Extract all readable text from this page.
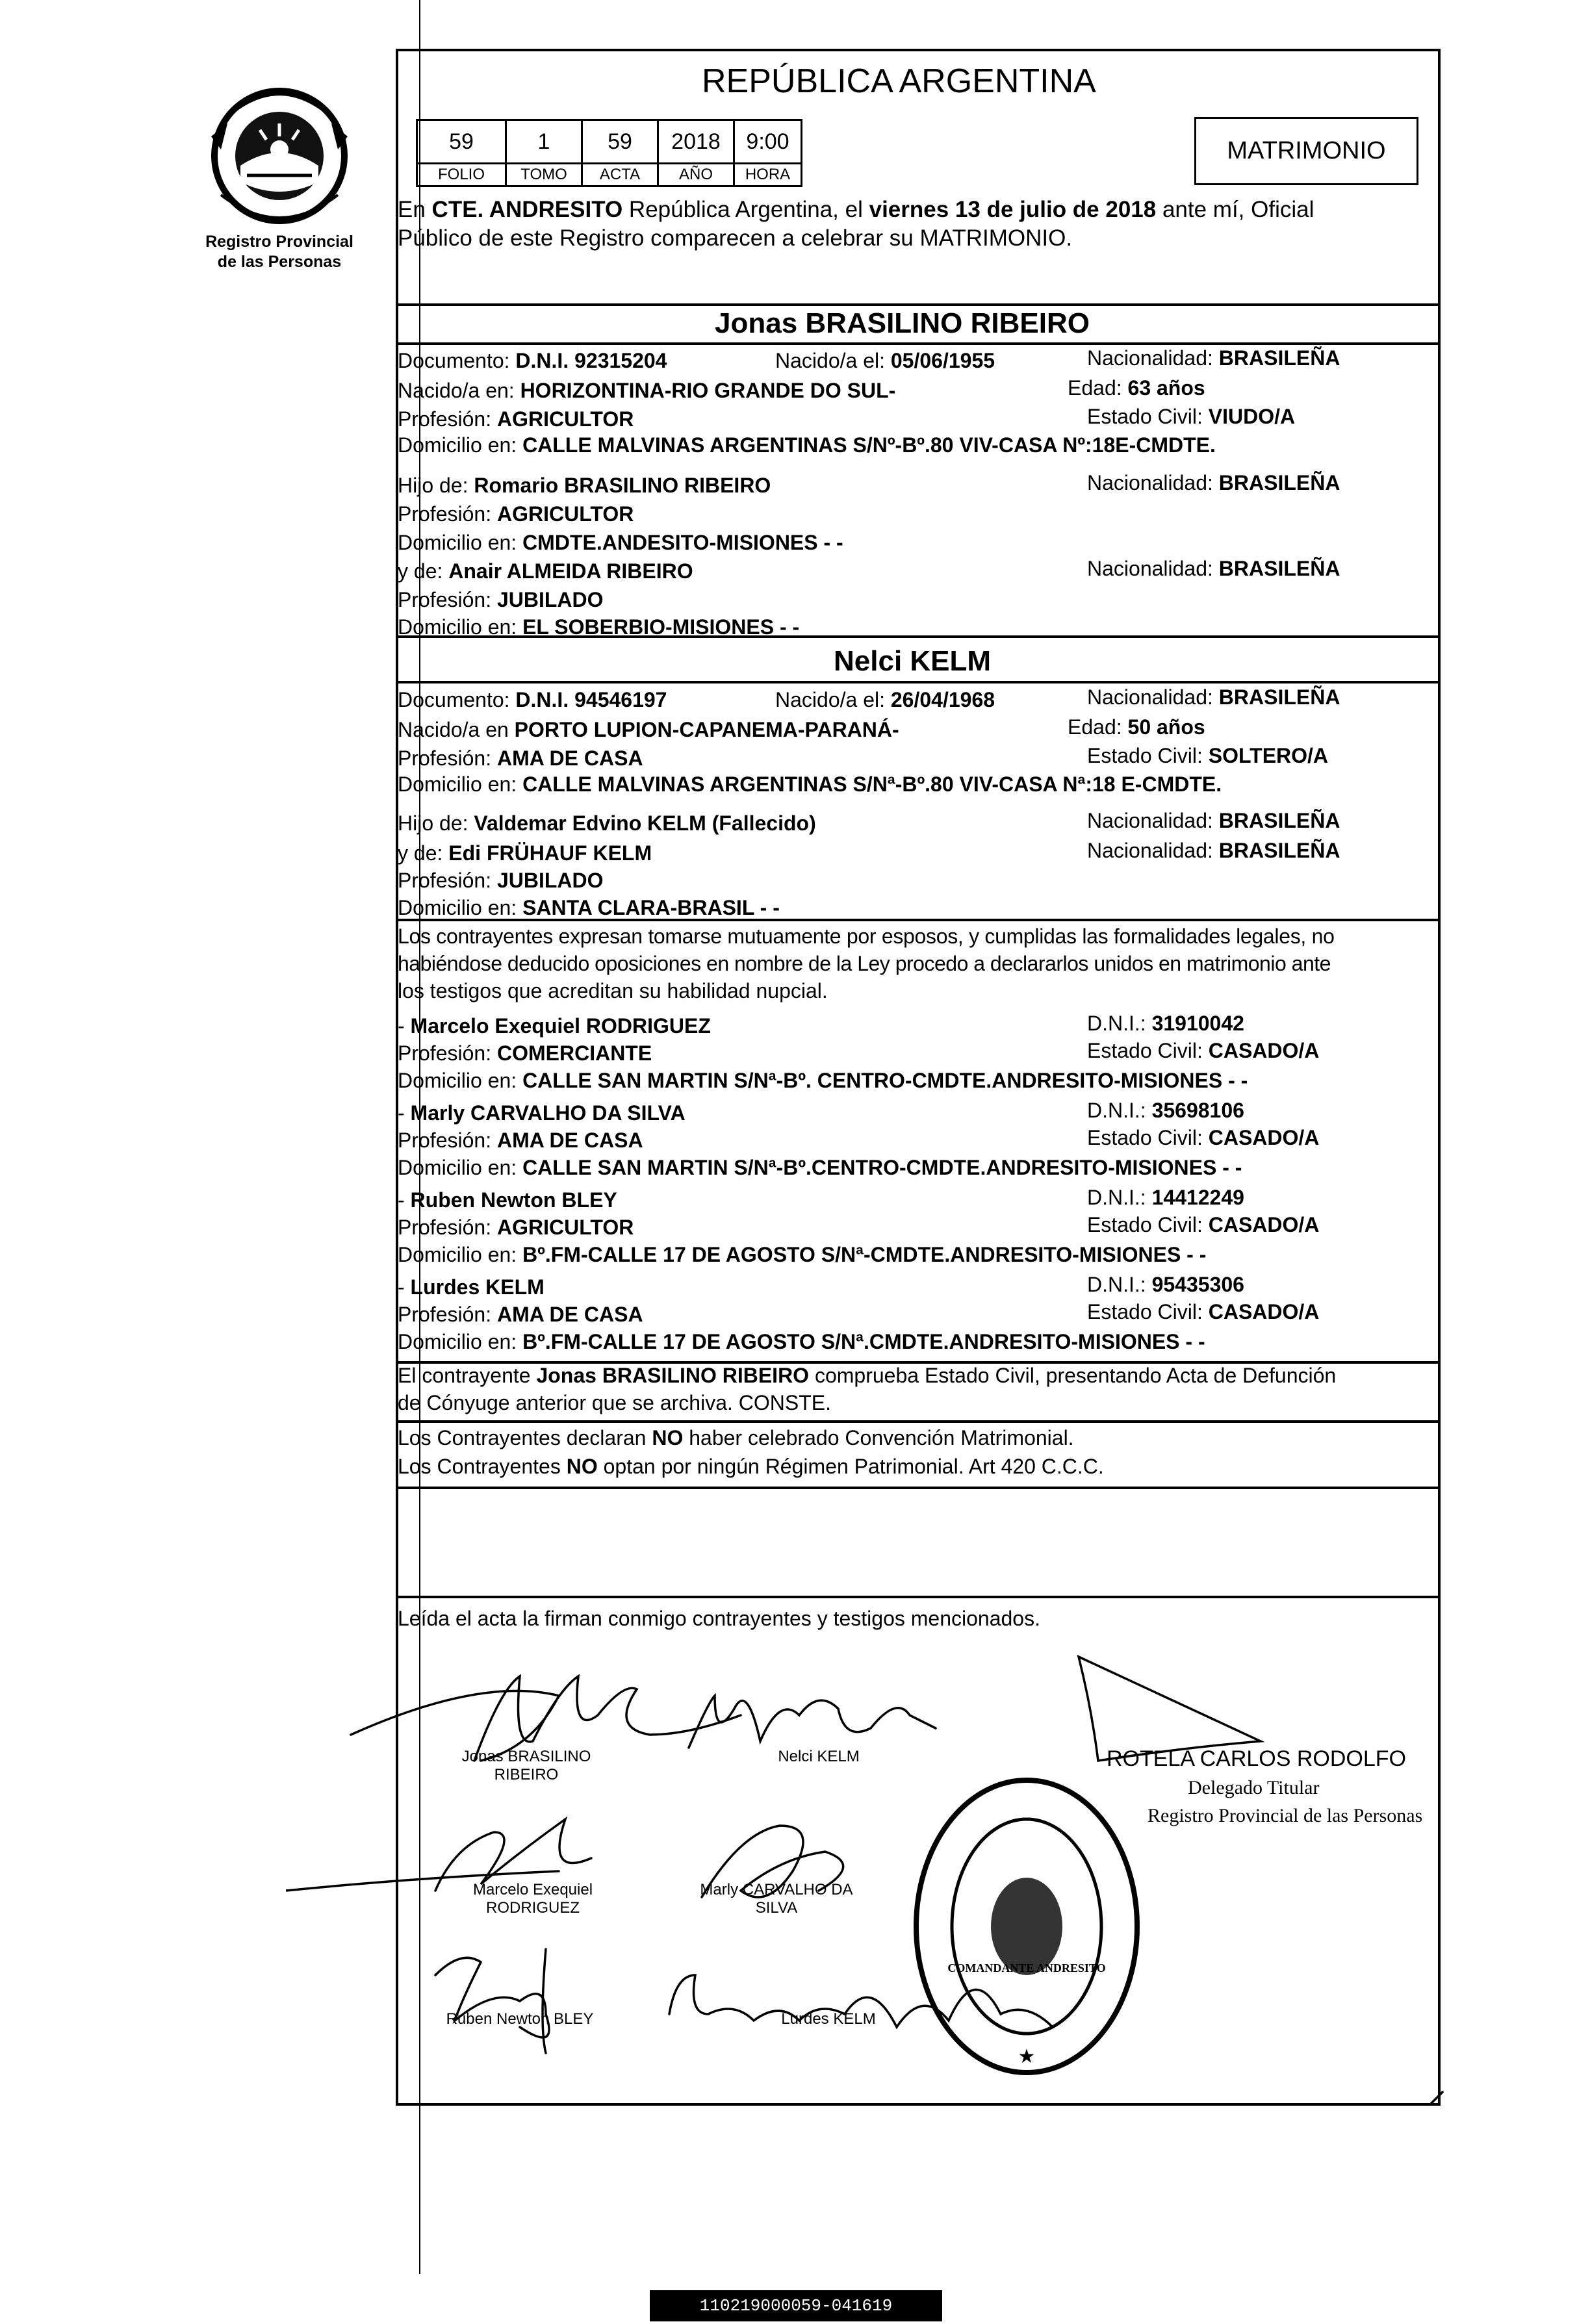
Registro Provincial
de las Personas
REPÚBLICA ARGENTINA
MATRIMONIO
59	1	59	2018	9:00
FOLIO	TOMO	ACTA	AÑO	HORA
En CTE. ANDRESITO República Argentina, el viernes 13 de julio de 2018 ante mí, Oficial
Público de este Registro comparecen a celebrar su MATRIMONIO.
Jonas BRASILINO RIBEIRO
Documento: D.N.I. 92315204	Nacido/a el: 05/06/1955	Nacionalidad: BRASILEÑA
Nacido/a en: HORIZONTINA-RIO GRANDE DO SUL-	Edad: 63 años
Profesión: AGRICULTOR	Estado Civil: VIUDO/A
Domicilio en: CALLE MALVINAS ARGENTINAS S/Nº-Bº.80 VIV-CASA Nº:18E-CMDTE.
Hijo de: Romario BRASILINO RIBEIRO	Nacionalidad: BRASILEÑA
Profesión: AGRICULTOR
Domicilio en: CMDTE.ANDESITO-MISIONES - -
y de: Anair ALMEIDA RIBEIRO	Nacionalidad: BRASILEÑA
Profesión: JUBILADO
Domicilio en: EL SOBERBIO-MISIONES - -
Nelci KELM
Documento: D.N.I. 94546197	Nacido/a el: 26/04/1968	Nacionalidad: BRASILEÑA
Nacido/a en PORTO LUPION-CAPANEMA-PARANÁ-	Edad: 50 años
Profesión: AMA DE CASA	Estado Civil: SOLTERO/A
Domicilio en: CALLE MALVINAS ARGENTINAS S/Nª-Bº.80 VIV-CASA Nª:18 E-CMDTE.
Hijo de: Valdemar Edvino KELM (Fallecido)	Nacionalidad: BRASILEÑA
y de: Edi FRÜHAUF KELM	Nacionalidad: BRASILEÑA
Profesión: JUBILADO
Domicilio en: SANTA CLARA-BRASIL - -
Los contrayentes expresan tomarse mutuamente por esposos, y cumplidas las formalidades legales, no
habiéndose deducido oposiciones en nombre de la Ley procedo a declararlos unidos en matrimonio ante
los testigos que acreditan su habilidad nupcial.
- Marcelo Exequiel RODRIGUEZ	D.N.I.: 31910042
Profesión: COMERCIANTE	Estado Civil: CASADO/A
Domicilio en: CALLE SAN MARTIN S/Nª-Bº. CENTRO-CMDTE.ANDRESITO-MISIONES - -
- Marly CARVALHO DA SILVA	D.N.I.: 35698106
Profesión: AMA DE CASA	Estado Civil: CASADO/A
Domicilio en: CALLE SAN MARTIN S/Nª-Bº.CENTRO-CMDTE.ANDRESITO-MISIONES - -
- Ruben Newton BLEY	D.N.I.: 14412249
Profesión: AGRICULTOR	Estado Civil: CASADO/A
Domicilio en: Bº.FM-CALLE 17 DE AGOSTO S/Nª-CMDTE.ANDRESITO-MISIONES - -
- Lurdes KELM	D.N.I.: 95435306
Profesión: AMA DE CASA	Estado Civil: CASADO/A
Domicilio en: Bº.FM-CALLE 17 DE AGOSTO S/Nª.CMDTE.ANDRESITO-MISIONES - -
El contrayente Jonas BRASILINO RIBEIRO comprueba Estado Civil, presentando Acta de Defunción
de Cónyuge anterior que se archiva. CONSTE.
Los Contrayentes declaran NO haber celebrado Convención Matrimonial.
Los Contrayentes NO optan por ningún Régimen Patrimonial. Art 420 C.C.C.
Leída el acta la firman conmigo contrayentes y testigos mencionados.
Jonas BRASILINO
RIBEIRO
Nelci KELM
Marcelo Exequiel
RODRIGUEZ
Marly CARVALHO DA
SILVA
Ruben Newton BLEY	Lurdes KELM
ROTELA CARLOS RODOLFO
Delegado Titular
Registro Provincial de las Personas
★
COMANDANTE ANDRESITO
110219000059-041619
